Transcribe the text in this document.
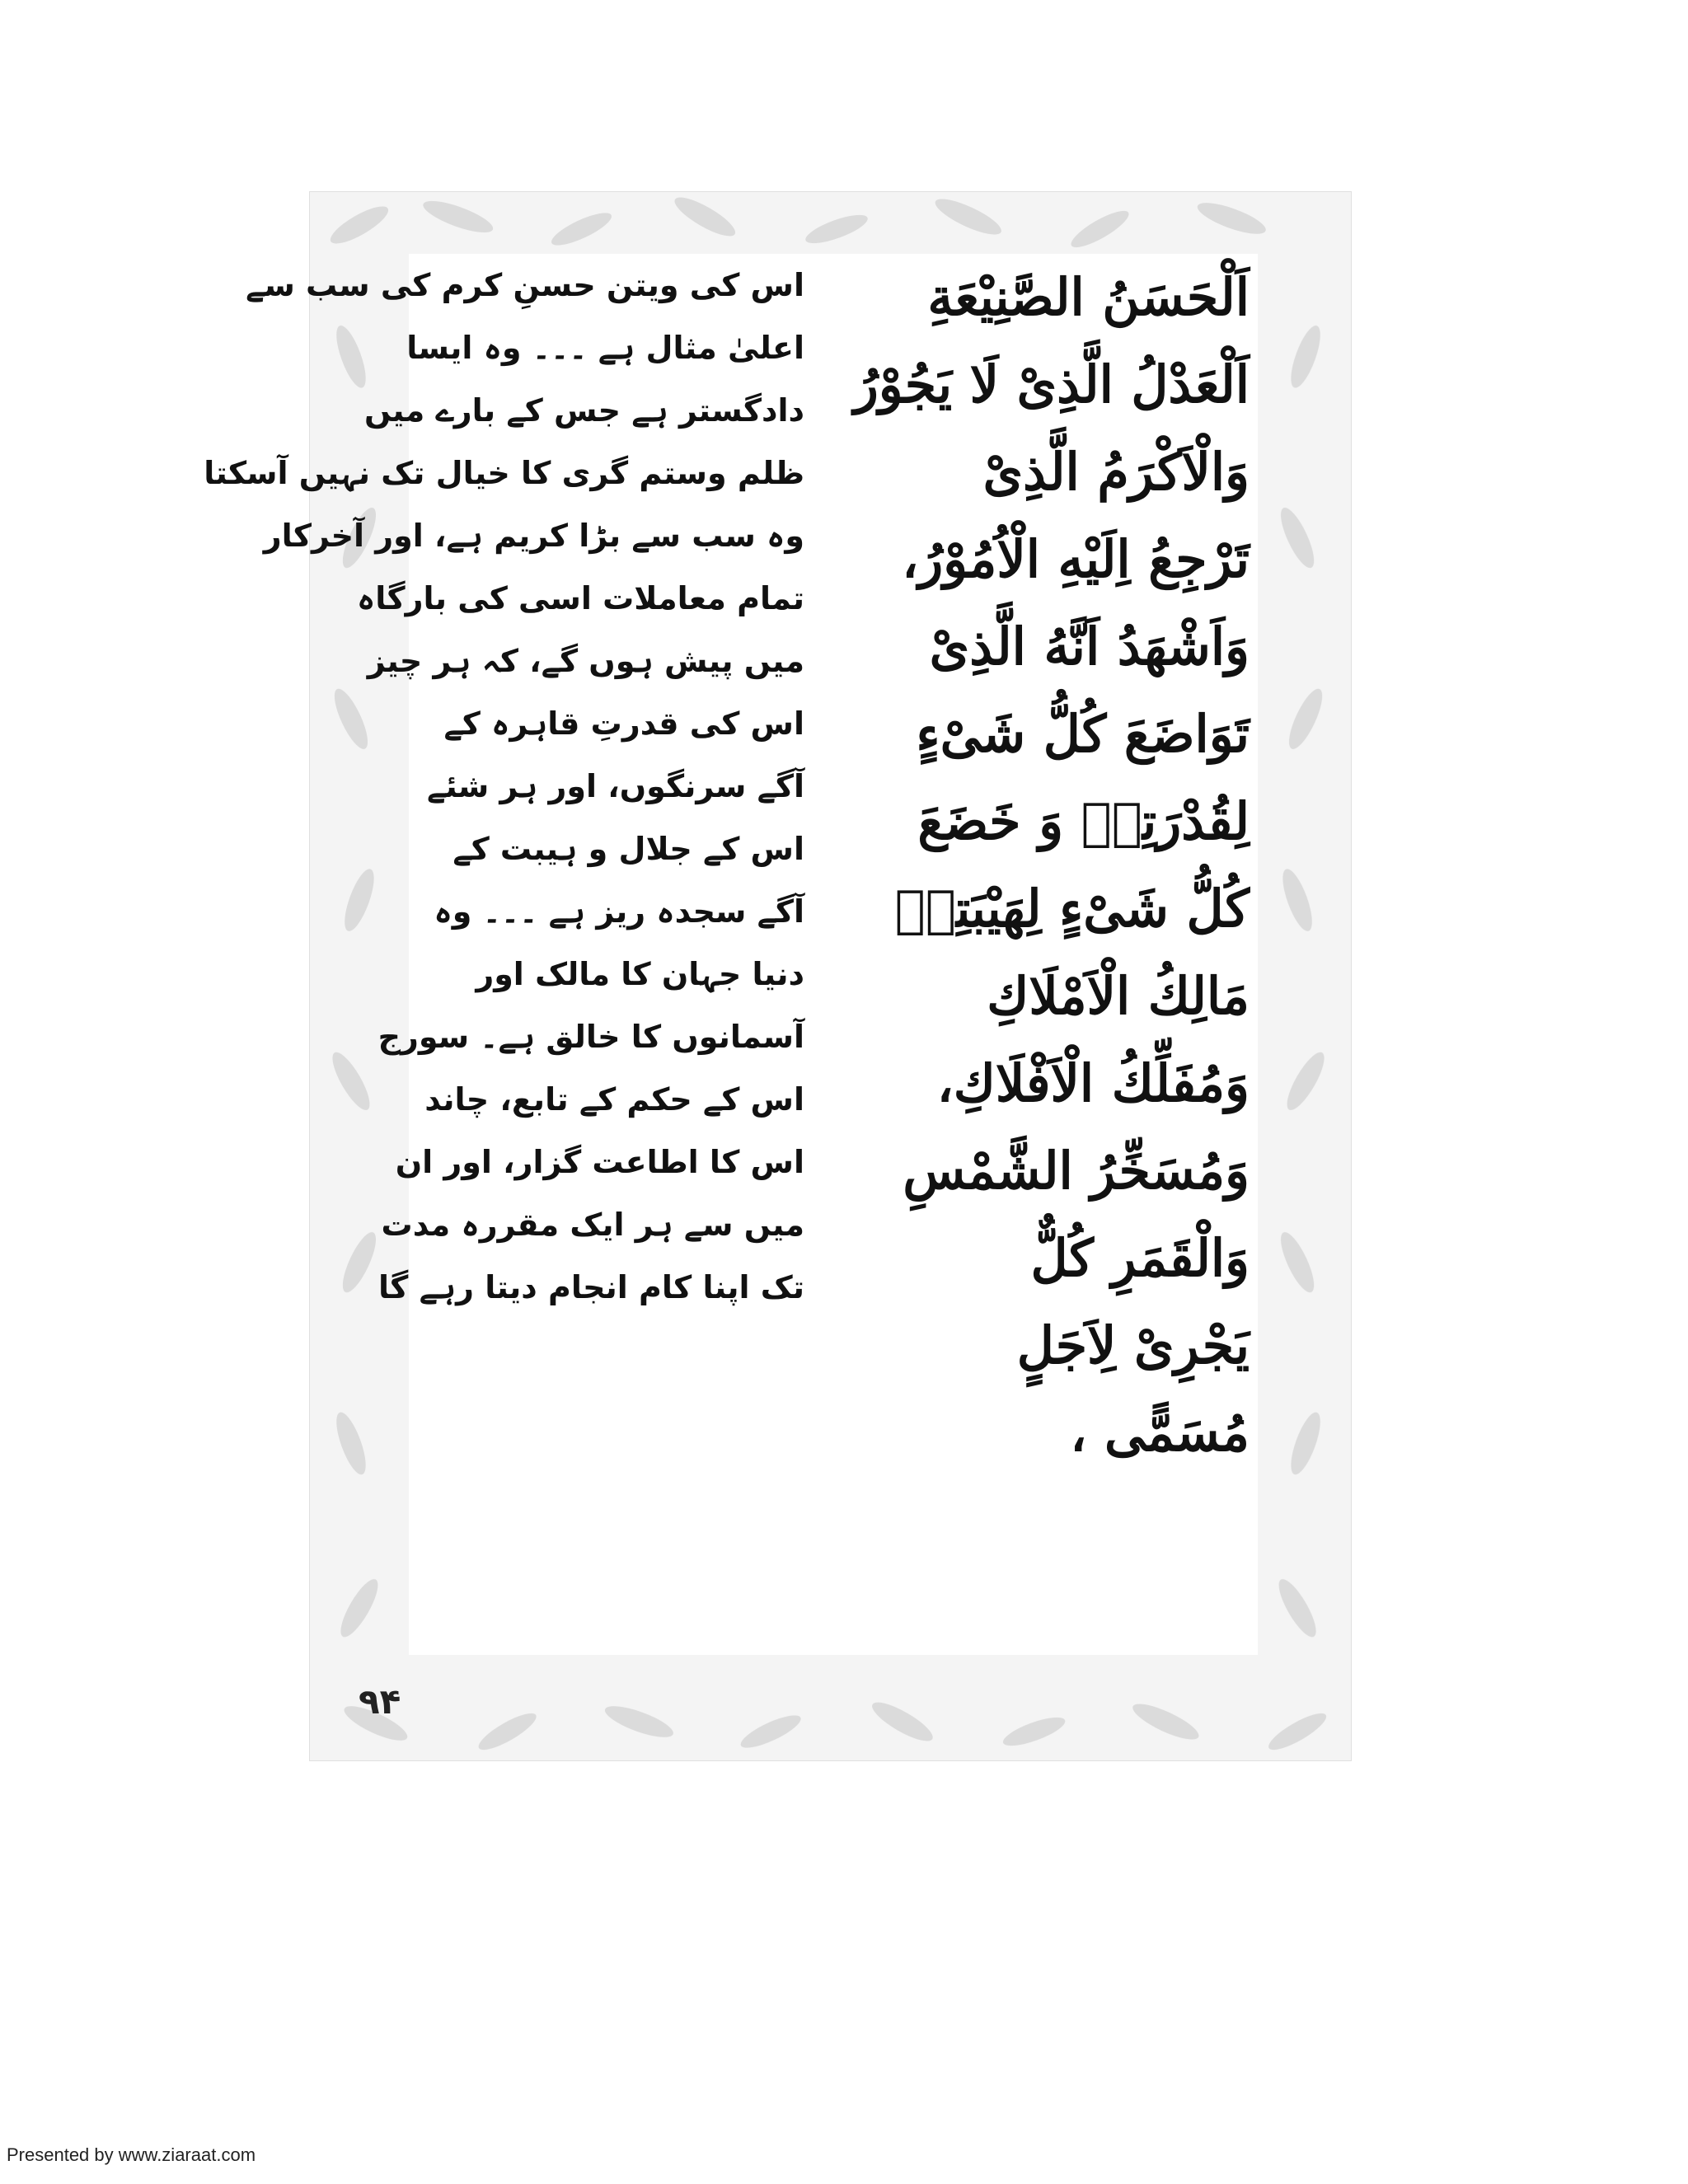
اس کی ویتن حسنِ کرم کی سب سے
اعلیٰ مثال ہے ۔۔۔ وہ ایسا
دادگستر ہے جس کے بارے میں
ظلم وستم گری کا خیال تک نہیں آسکتا
وہ سب سے بڑا کریم ہے، اور آخرکار
تمام معاملات اسی کی بارگاہ
میں پیش ہوں گے، کہ ہر چیز
اس کی قدرتِ قاہرہ کے
آگے سرنگوں، اور ہر شئے
اس کے جلال و ہیبت کے
آگے سجدہ ریز ہے ۔۔۔ وہ
دنیا جہان کا مالک اور
آسمانوں کا خالق ہے۔ سورج
اس کے حکم کے تابع، چاند
اس کا اطاعت گزار، اور ان
میں سے ہر ایک مقررہ مدت
تک اپنا کام انجام دیتا رہے گا
اَلْحَسَنُ الصَّنِيْعَةِ
اَلْعَدْلُ الَّذِیْ لَا يَجُوْرُ
وَالْاَكْرَمُ الَّذِیْ
تَرْجِعُ اِلَيْهِ الْاُمُوْرُ،
وَاَشْهَدُ اَنَّهُ الَّذِیْ
تَوَاضَعَ كُلُّ شَیْءٍ
لِقُدْرَتِهٖ وَ خَضَعَ
كُلُّ شَیْءٍ لِهَيْبَتِهٖ
مَالِكُ الْاَمْلَاكِ
وَمُفَلِّكُ الْاَفْلَاكِ،
وَمُسَخِّرُ الشَّمْسِ
وَالْقَمَرِ كُلٌّ
يَجْرِیْ لِاَجَلٍ
مُسَمًّى ،
۹۴
Presented by www.ziaraat.com
